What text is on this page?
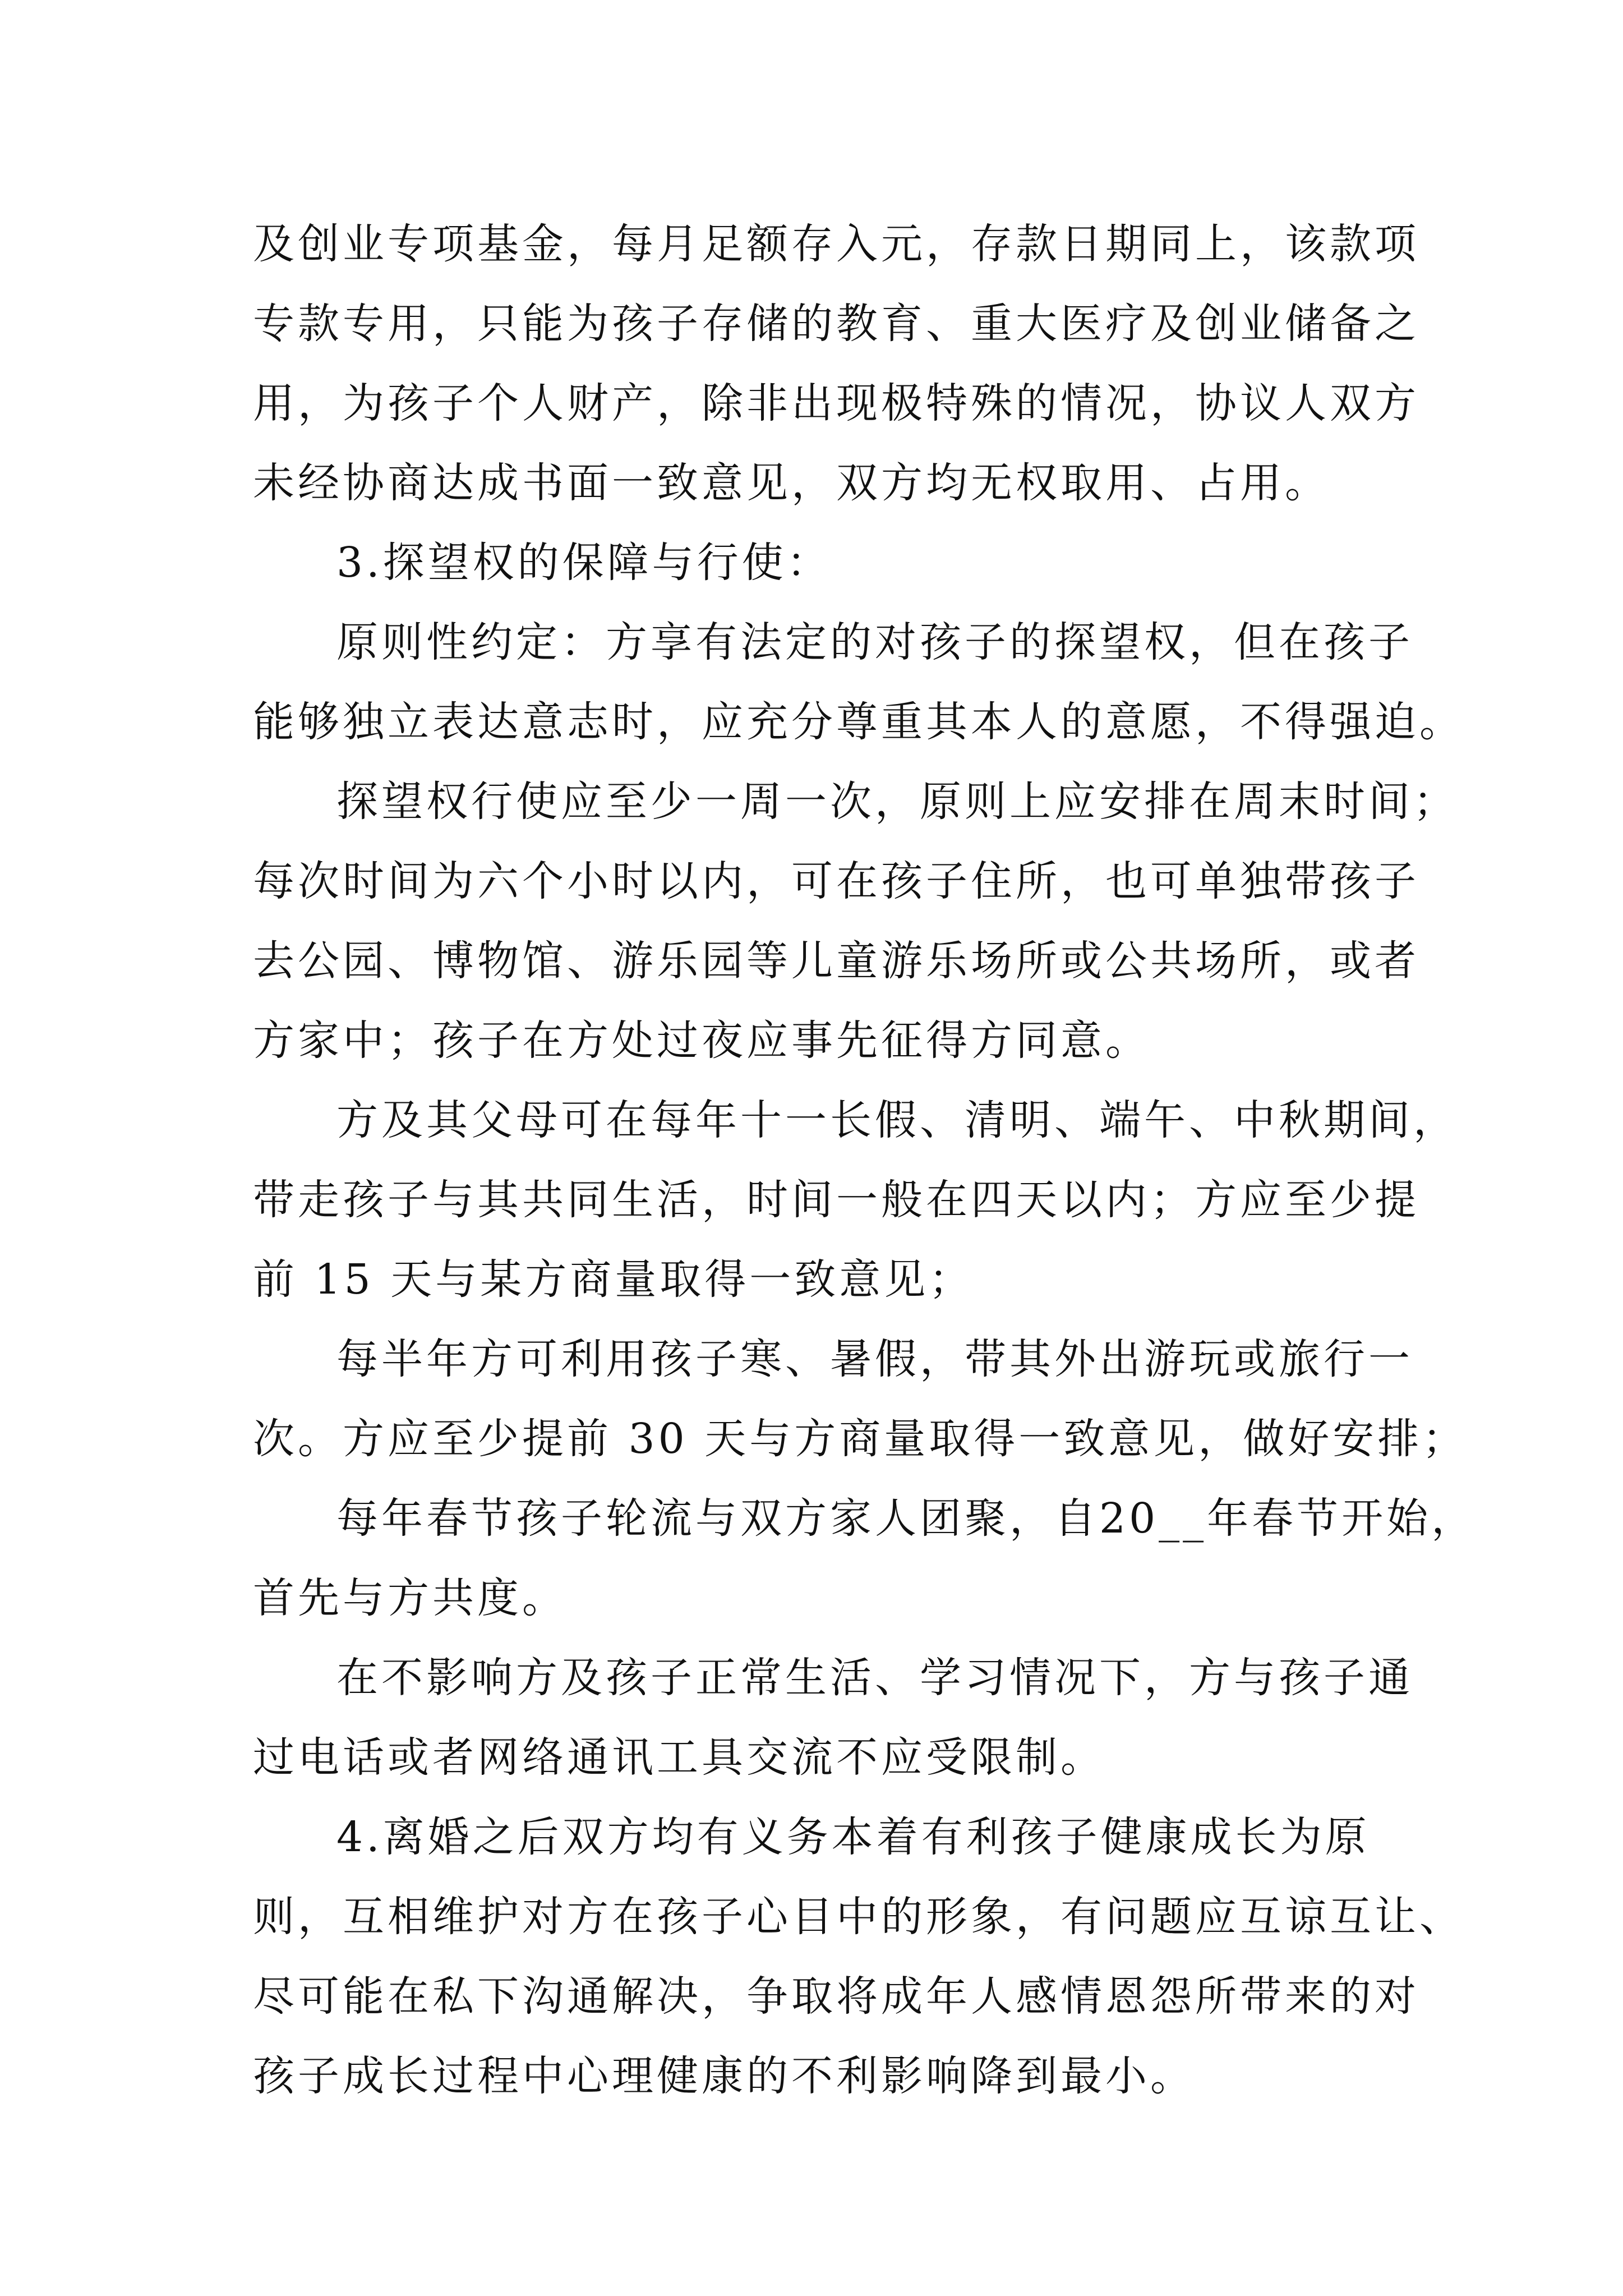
及创业专项基金，每月足额存入元，存款日期同上，该款项
专款专用，只能为孩子存储的教育、重大医疗及创业储备之
用，为孩子个人财产，除非出现极特殊的情况，协议人双方
未经协商达成书面一致意见，双方均无权取用、占用。
3.探望权的保障与行使：
原则性约定：方享有法定的对孩子的探望权，但在孩子
能够独立表达意志时，应充分尊重其本人的意愿，不得强迫。
探望权行使应至少一周一次，原则上应安排在周末时间；
每次时间为六个小时以内，可在孩子住所，也可单独带孩子
去公园、博物馆、游乐园等儿童游乐场所或公共场所，或者
方家中；孩子在方处过夜应事先征得方同意。
方及其父母可在每年十一长假、清明、端午、中秋期间，
带走孩子与其共同生活，时间一般在四天以内；方应至少提
前 15 天与某方商量取得一致意见；
每半年方可利用孩子寒、暑假，带其外出游玩或旅行一
次。方应至少提前 30 天与方商量取得一致意见，做好安排；
每年春节孩子轮流与双方家人团聚，自20__年春节开始，
首先与方共度。
在不影响方及孩子正常生活、学习情况下，方与孩子通
过电话或者网络通讯工具交流不应受限制。
4.离婚之后双方均有义务本着有利孩子健康成长为原
则，互相维护对方在孩子心目中的形象，有问题应互谅互让、
尽可能在私下沟通解决，争取将成年人感情恩怨所带来的对
孩子成长过程中心理健康的不利影响降到最小。
